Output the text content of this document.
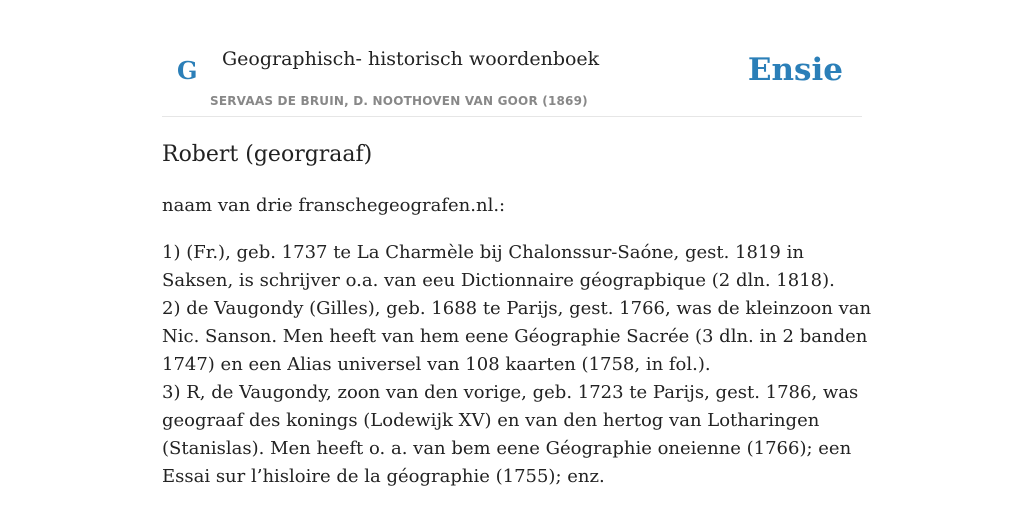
G Geographisch- historisch woordenboek
SERVAAS DE BRUIN, D. NOOTHOVEN VAN GOOR (1869)
Ensie
Robert (georgraaf)

naam van drie franschegeografen.nl.:

1) (Fr.), geb. 1737 te La Charmèle bij Chalonssur-Saóne, gest. 1819 in Saksen, is schrijver o.a. van eeu Dictionnaire géograpbique (2 dln. 1818).

2) de Vaugondy (Gilles), geb. 1688 te Parijs, gest. 1766, was de kleinzoon van Nic. Sanson. Men heeft van hem eene Géographie Sacrée (3 dln. in 2 banden 1747) en een Alias universel van 108 kaarten (1758, in fol.).

3) R, de Vaugondy, zoon van den vorige, geb. 1723 te Parijs, gest. 1786, was geograaf des konings (Lodewijk XV) en van den hertog van Lotharingen (Stanislas). Men heeft o. a. van bem eene Géographie oneienne (1766); een Essai sur l’hisloire de la géographie (1755); enz.
